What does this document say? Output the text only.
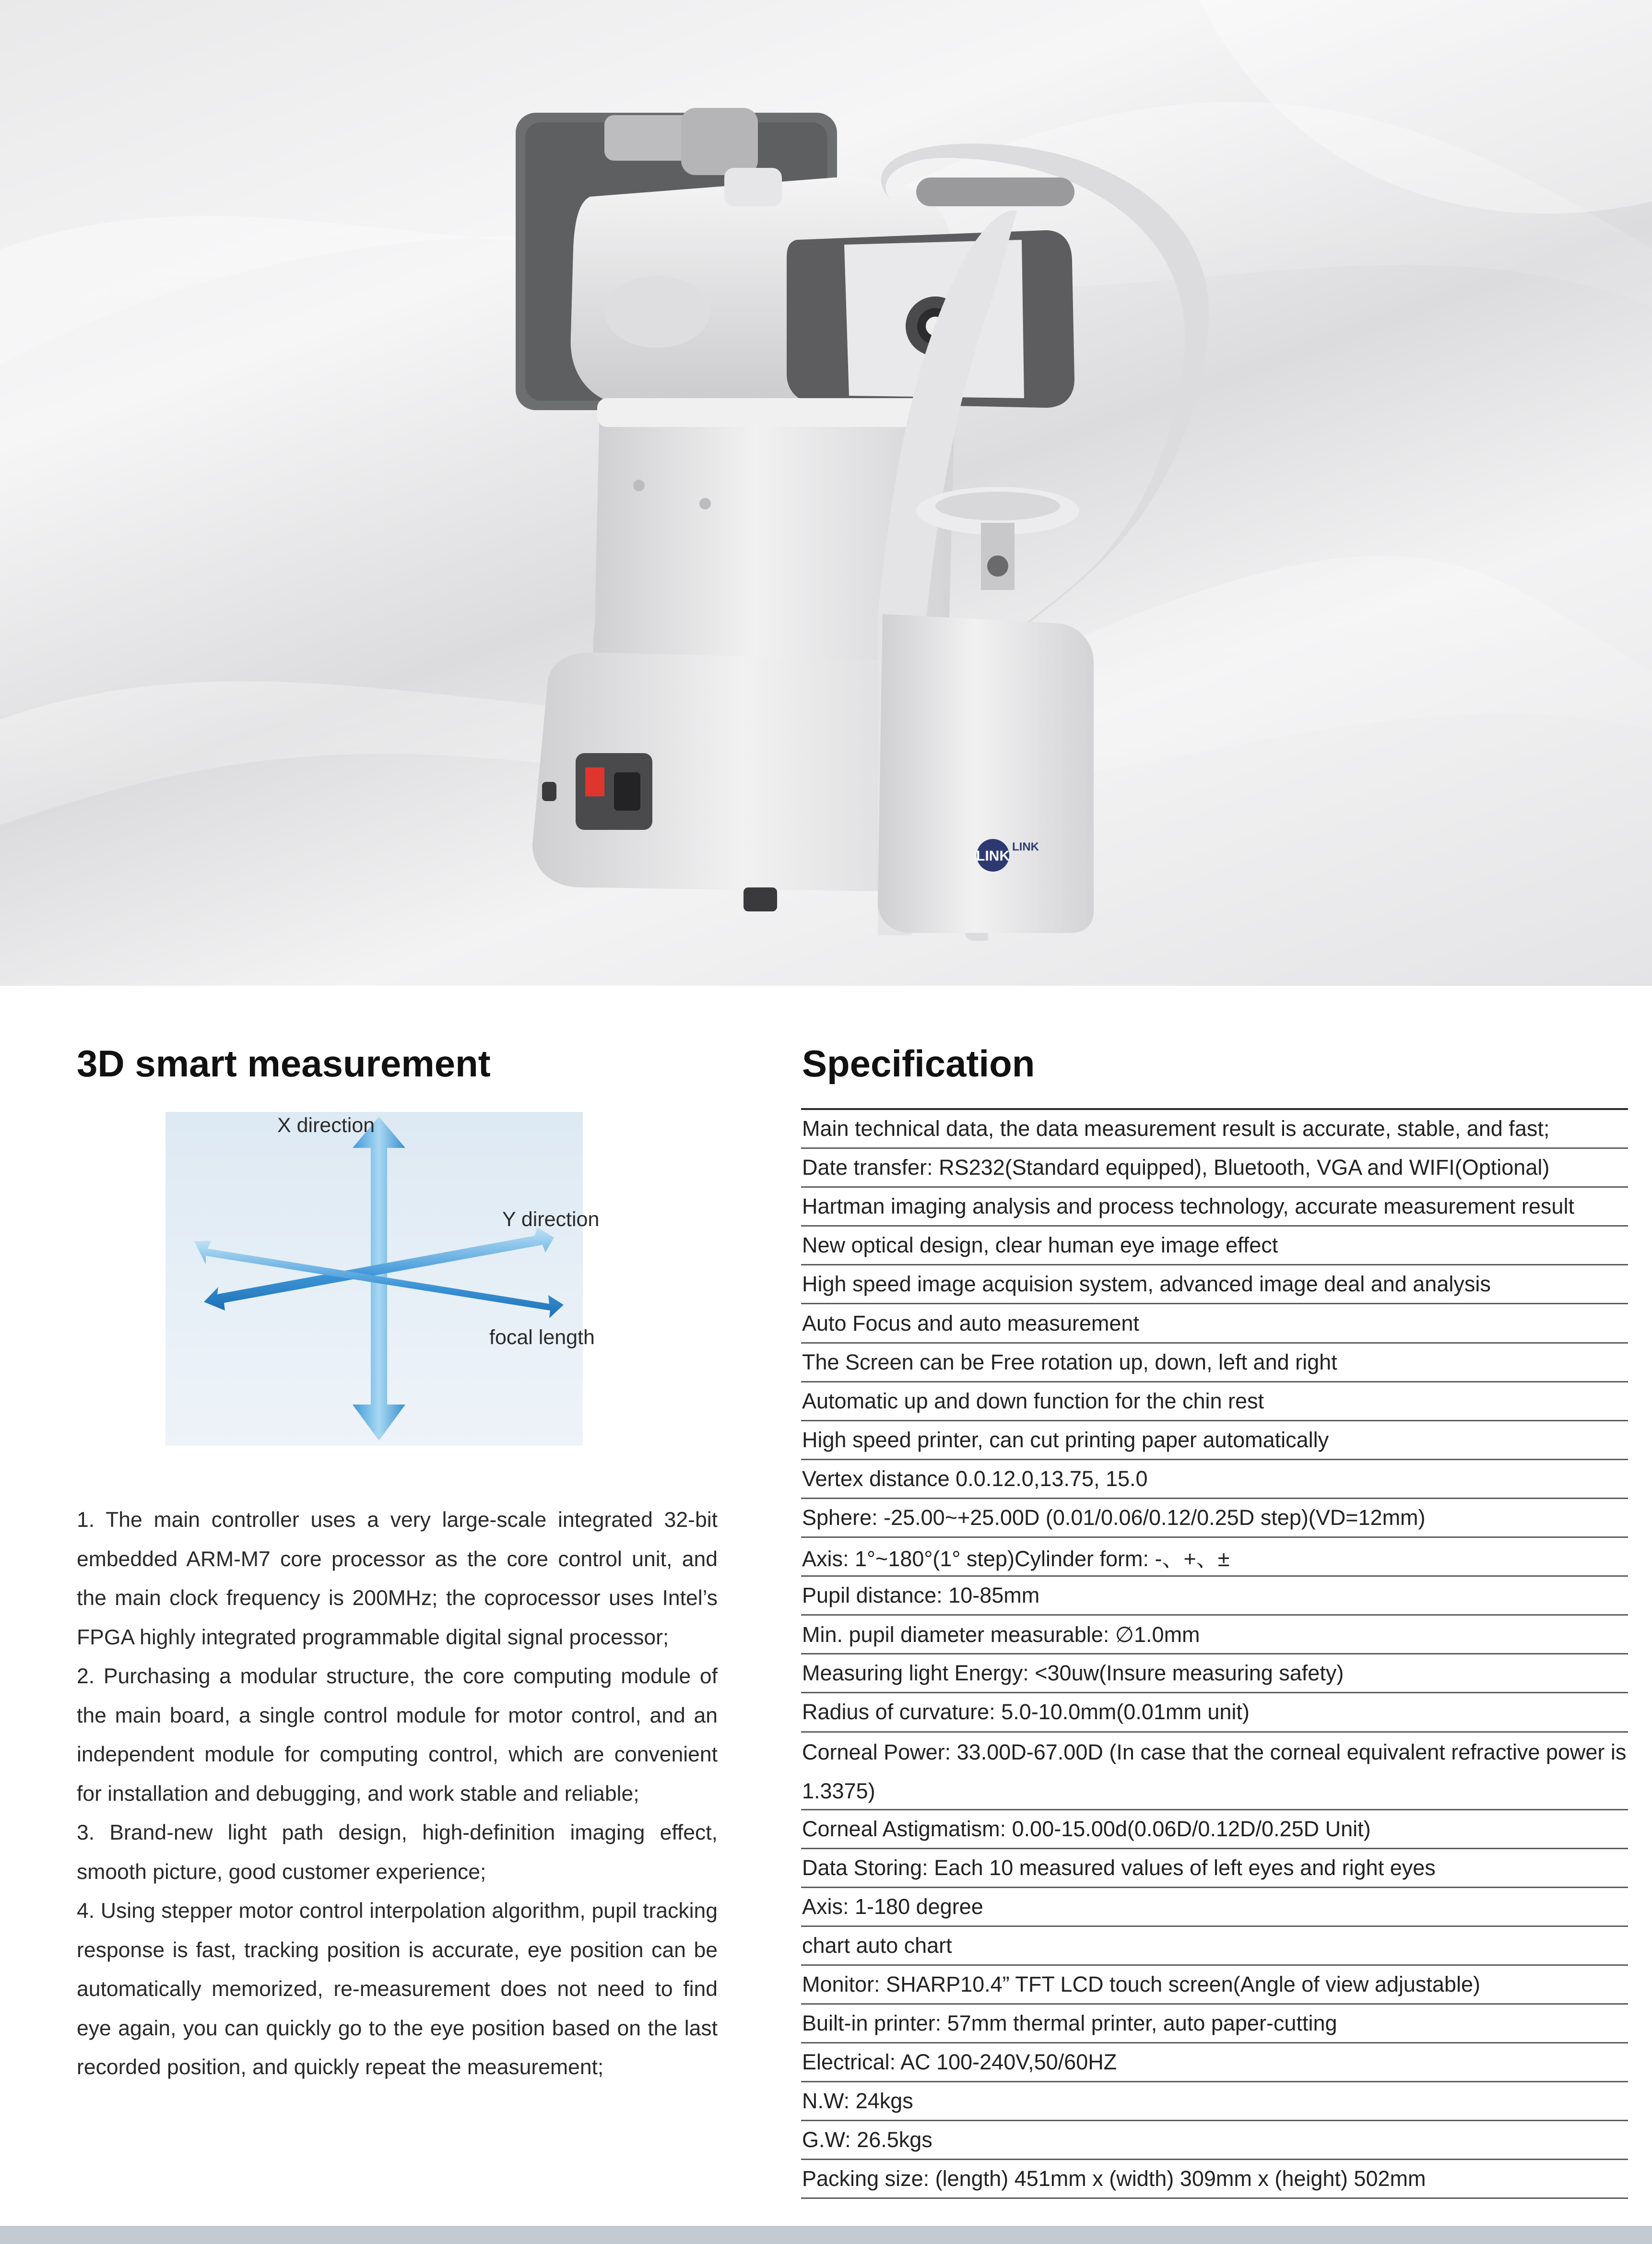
LINK
LINK
3D smart measurement
X direction
Y direction
focal length

1. The main controller uses a very large-scale integrated 32-bit embedded ARM-M7 core processor as the core control unit, and the main clock frequency is 200MHz; the coprocessor uses Intel’s FPGA highly integrated programmable digital signal processor;

2. Purchasing a modular structure, the core computing module of the main board, a single control module for motor control, and an independent module for computing control, which are convenient for installation and debugging, and work stable and reliable;

3. Brand-new light path design, high-definition imaging effect, smooth picture, good customer experience;

4. Using stepper motor control interpolation algorithm, pupil tracking response is fast, tracking position is accurate, eye position can be automatically memorized, re-measurement does not need to find eye again, you can quickly go to the eye position based on the last recorded position, and quickly repeat the measurement;

Specification
Main technical data, the data measurement result is accurate, stable, and fast;
Date transfer: RS232(Standard equipped), Bluetooth, VGA and WIFI(Optional)
Hartman imaging analysis and process technology, accurate measurement result
New optical design, clear human eye image effect
High speed image acquision system, advanced image deal and analysis
Auto Focus and auto measurement
The Screen can be Free rotation up, down, left and right
Automatic up and down function for the chin rest
High speed printer, can cut printing paper automatically
Vertex distance 0.0.12.0,13.75, 15.0
Sphere: -25.00~+25.00D (0.01/0.06/0.12/0.25D step)(VD=12mm)
Axis: 1°~180°(1° step)Cylinder form: -、+、±
Pupil distance: 10-85mm
Min. pupil diameter measurable: ∅1.0mm
Measuring light Energy: <30uw(Insure measuring safety)
Radius of curvature: 5.0-10.0mm(0.01mm unit)
Corneal Power: 33.00D-67.00D (In case that the corneal equivalent refractive power is 1.3375)
Corneal Astigmatism: 0.00-15.00d(0.06D/0.12D/0.25D Unit)
Data Storing: Each 10 measured values of left eyes and right eyes
Axis: 1-180 degree
chart auto chart
Monitor: SHARP10.4” TFT LCD touch screen(Angle of view adjustable)
Built-in printer: 57mm thermal printer, auto paper-cutting
Electrical: AC 100-240V,50/60HZ
N.W: 24kgs
G.W: 26.5kgs
Packing size: (length) 451mm x (width) 309mm x (height) 502mm
